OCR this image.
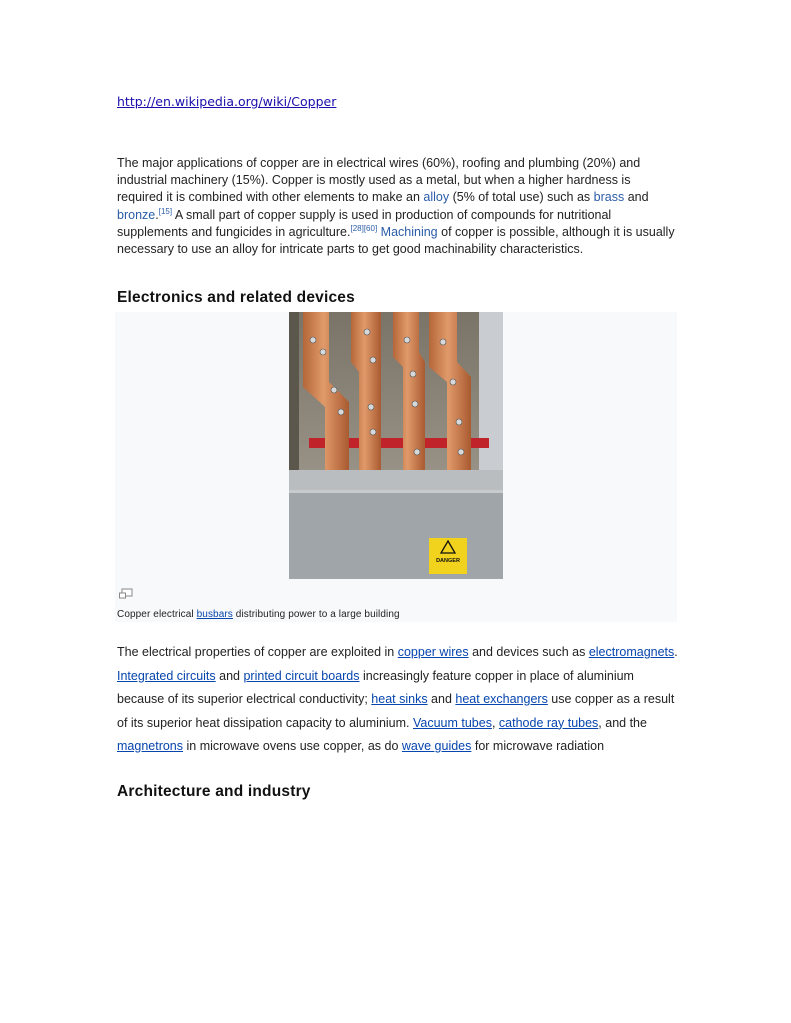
http://en.wikipedia.org/wiki/Copper

The major applications of copper are in electrical wires (60%), roofing and plumbing (20%) and industrial machinery (15%). Copper is mostly used as a metal, but when a higher hardness is required it is combined with other elements to make an alloy (5% of total use) such as brass and bronze.[15] A small part of copper supply is used in production of compounds for nutritional supplements and fungicides in agriculture.[28][60] Machining of copper is possible, although it is usually necessary to use an alloy for intricate parts to get good machinability characteristics.

Electronics and related devices
DANGER
Copper electrical busbars distributing power to a large building

The electrical properties of copper are exploited in copper wires and devices such as electromagnets. Integrated circuits and printed circuit boards increasingly feature copper in place of aluminium because of its superior electrical conductivity; heat sinks and heat exchangers use copper as a result of its superior heat dissipation capacity to aluminium. Vacuum tubes, cathode ray tubes, and the magnetrons in microwave ovens use copper, as do wave guides for microwave radiation

Architecture and industry
